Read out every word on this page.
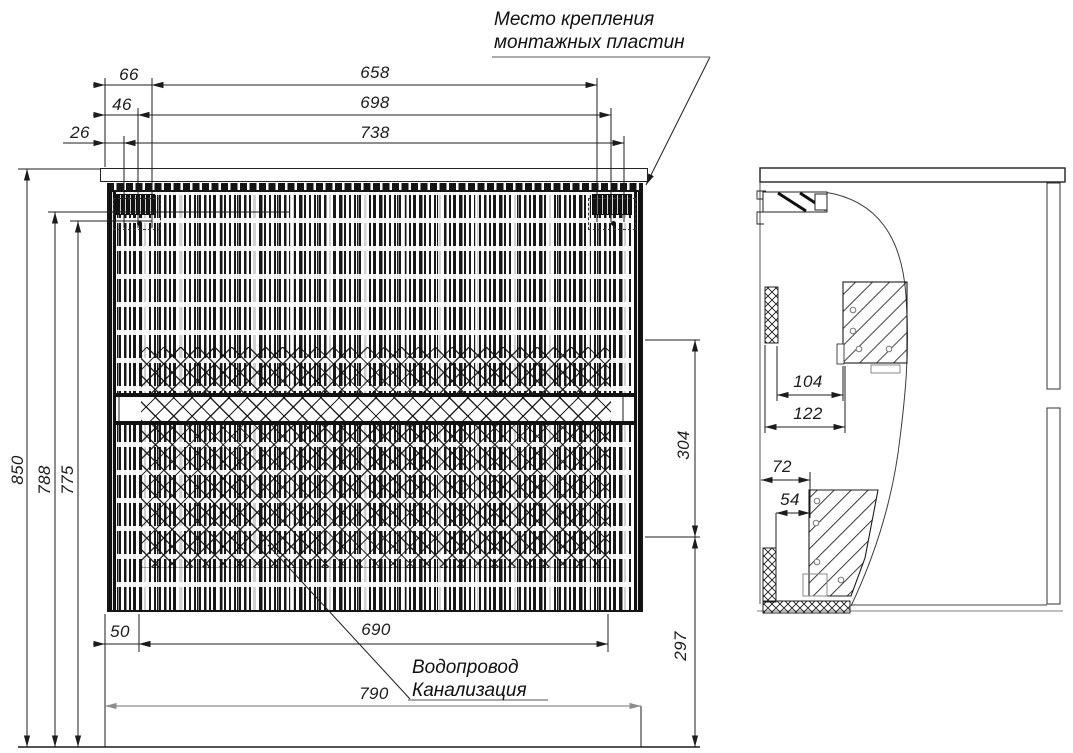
66	658
46	698
26	738
850 788 775
304
297
50	690
790
104
122
72
54
Место крепления
монтажных пластин
Водопровод
Канализация
